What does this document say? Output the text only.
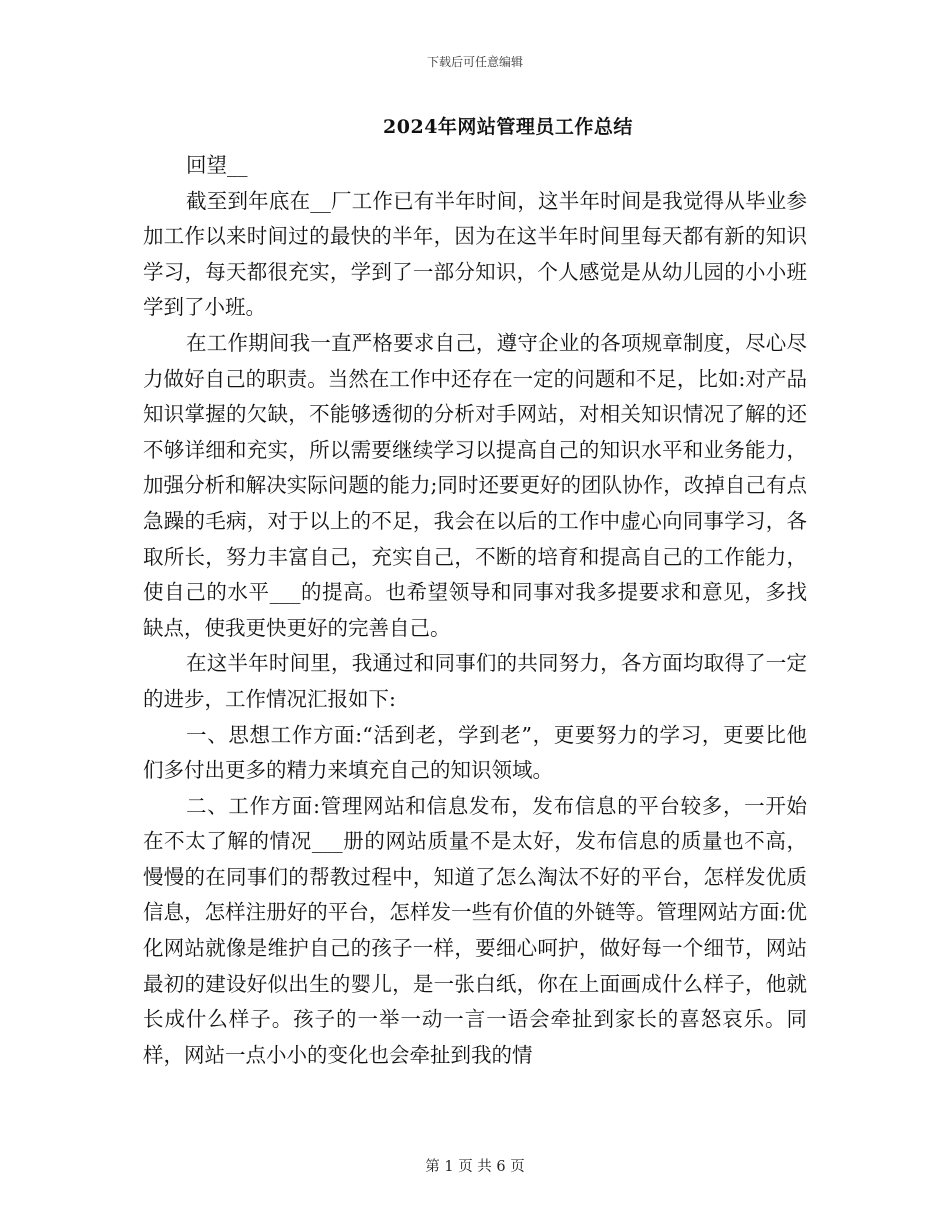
下载后可任意编辑
2024年网站管理员工作总结

回望__

截至到年底在__厂工作已有半年时间，这半年时间是我觉得从毕业参加工作以来时间过的最快的半年，因为在这半年时间里每天都有新的知识学习，每天都很充实，学到了一部分知识，个人感觉是从幼儿园的小小班学到了小班。

在工作期间我一直严格要求自己，遵守企业的各项规章制度，尽心尽力做好自己的职责。当然在工作中还存在一定的问题和不足，比如:对产品知识掌握的欠缺，不能够透彻的分析对手网站，对相关知识情况了解的还不够详细和充实，所以需要继续学习以提高自己的知识水平和业务能力，加强分析和解决实际问题的能力;同时还要更好的团队协作，改掉自己有点急躁的毛病，对于以上的不足，我会在以后的工作中虚心向同事学习，各取所长，努力丰富自己，充实自己，不断的培育和提高自己的工作能力，使自己的水平___的提高。也希望领导和同事对我多提要求和意见，多找缺点，使我更快更好的完善自己。

在这半年时间里，我通过和同事们的共同努力，各方面均取得了一定的进步，工作情况汇报如下:

一、思想工作方面:“活到老，学到老”，更要努力的学习，更要比他们多付出更多的精力来填充自己的知识领域。

二、工作方面:管理网站和信息发布，发布信息的平台较多，一开始在不太了解的情况___册的网站质量不是太好，发布信息的质量也不高，慢慢的在同事们的帮教过程中，知道了怎么淘汰不好的平台，怎样发优质信息，怎样注册好的平台，怎样发一些有价值的外链等。管理网站方面:优化网站就像是维护自己的孩子一样，要细心呵护，做好每一个细节，网站最初的建设好似出生的婴儿，是一张白纸，你在上面画成什么样子，他就长成什么样子。孩子的一举一动一言一语会牵扯到家长的喜怒哀乐。同样，网站一点小小的变化也会牵扯到我的情

第 1 页 共 6 页
